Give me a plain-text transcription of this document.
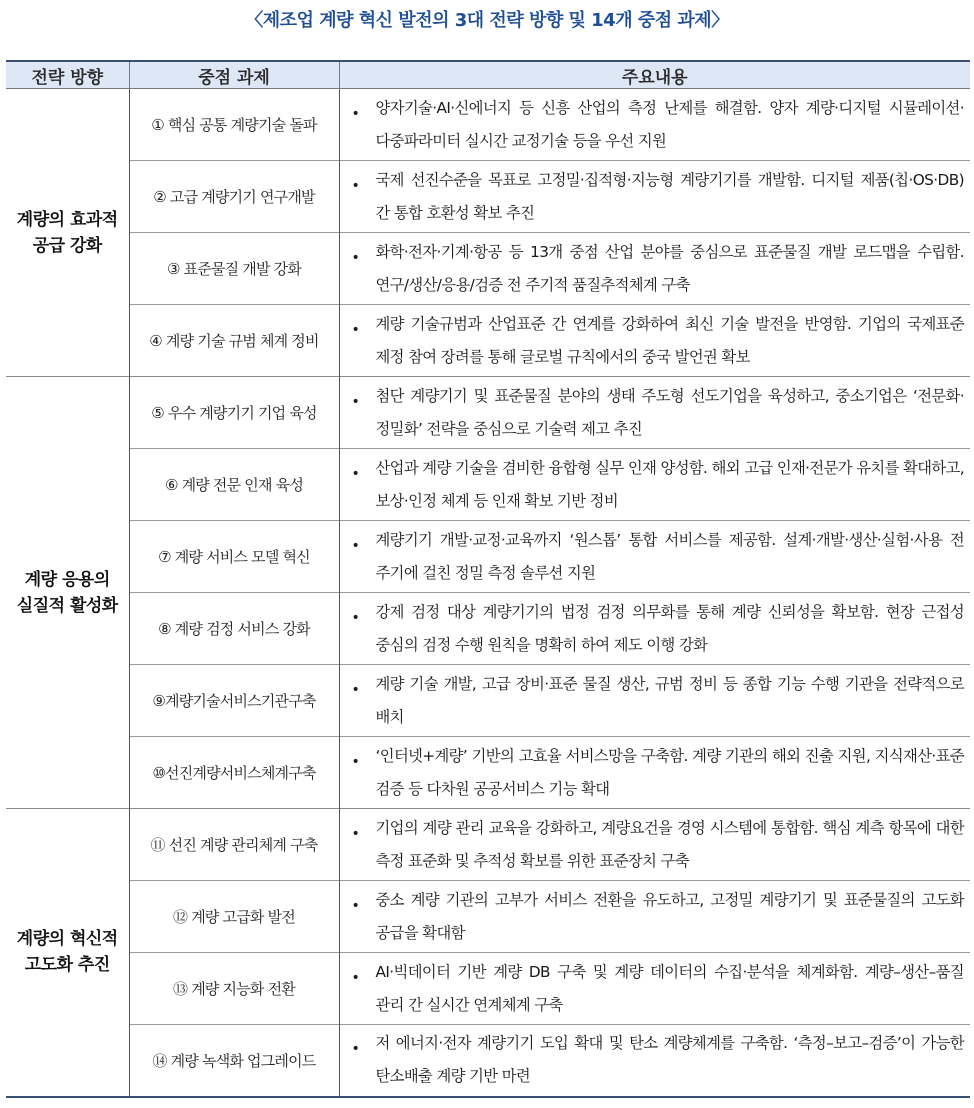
〈제조업 계량 혁신 발전의 3대 전략 방향 및 14개 중점 과제〉
전략 방향	중점 과제	주요내용

계량의 효과적
공급 강화	① 핵심 공통 계량기술 돌파	• 양자기술·AI·신에너지 등 신흥 산업의 측정 난제를 해결함. 양자 계량·디지털 시뮬레이션·다중파라미터 실시간 교정기술 등을 우선 지원

	② 고급 계량기기 연구개발	• 국제 선진수준을 목표로 고정밀·집적형·지능형 계량기기를 개발함. 디지털 제품(칩·OS·DB) 간 통합 호환성 확보 추진

	③ 표준물질 개발 강화	• 화학·전자·기계·항공 등 13개 중점 산업 분야를 중심으로 표준물질 개발 로드맵을 수립함. 연구/생산/응용/검증 전 주기적 품질추적체계 구축

	④ 계량 기술 규범 체계 정비	• 계량 기술규범과 산업표준 간 연계를 강화하여 최신 기술 발전을 반영함. 기업의 국제표준 제정 참여 장려를 통해 글로벌 규칙에서의 중국 발언권 확보

계량 응용의
실질적 활성화	⑤ 우수 계량기기 기업 육성	• 첨단 계량기기 및 표준물질 분야의 생태 주도형 선도기업을 육성하고, 중소기업은 ‘전문화·정밀화’ 전략을 중심으로 기술력 제고 추진

	⑥ 계량 전문 인재 육성	• 산업과 계량 기술을 겸비한 융합형 실무 인재 양성함. 해외 고급 인재·전문가 유치를 확대하고, 보상·인정 체계 등 인재 확보 기반 정비

	⑦ 계량 서비스 모델 혁신	• 계량기기 개발·교정·교육까지 ‘원스톱’ 통합 서비스를 제공함. 설계·개발·생산·실험·사용 전 주기에 걸친 정밀 측정 솔루션 지원

	⑧ 계량 검정 서비스 강화	• 강제 검정 대상 계량기기의 법정 검정 의무화를 통해 계량 신뢰성을 확보함. 현장 근접성 중심의 검정 수행 원칙을 명확히 하여 제도 이행 강화

	⑨계량기술서비스기관구축	• 계량 기술 개발, 고급 장비·표준 물질 생산, 규범 정비 등 종합 기능 수행 기관을 전략적으로 배치

	⑩선진계량서비스체계구축	• ‘인터넷+계량’ 기반의 고효율 서비스망을 구축함. 계량 기관의 해외 진출 지원, 지식재산·표준 검증 등 다차원 공공서비스 기능 확대

계량의 혁신적
고도화 추진	⑪ 선진 계량 관리체계 구축	• 기업의 계량 관리 교육을 강화하고, 계량요건을 경영 시스템에 통합함. 핵심 계측 항목에 대한 측정 표준화 및 추적성 확보를 위한 표준장치 구축

	⑫ 계량 고급화 발전	• 중소 계량 기관의 고부가 서비스 전환을 유도하고, 고정밀 계량기기 및 표준물질의 고도화 공급을 확대함

	⑬ 계량 지능화 전환	• AI·빅데이터 기반 계량 DB 구축 및 계량 데이터의 수집·분석을 체계화함. 계량–생산–품질 관리 간 실시간 연계체계 구축

	⑭ 계량 녹색화 업그레이드	• 저 에너지·전자 계량기기 도입 확대 및 탄소 계량체계를 구축함. ‘측정–보고–검증’이 가능한 탄소배출 계량 기반 마련
